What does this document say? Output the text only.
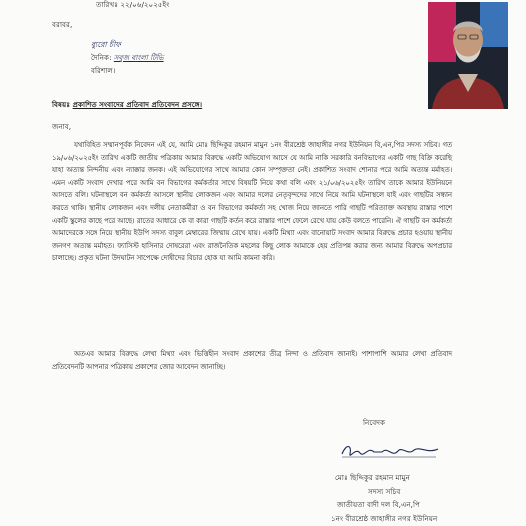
তারিখঃ ২২/০৬/২০২৫ইং
বরাবর,
ব্যুরো চীফ
দৈনিক: সবুজ বাংলা টিভি
বরিশাল।
বিষয়ঃ প্রকাশিত সংবাদের প্রতিবাদ প্রতিবেদন প্রসঙ্গে।
জনাব,
যথাবিহিত সম্মানপূর্বক নিবেদন এই যে, আমি মোঃ ছিদ্দিকুর রহমান মামুন ১নং বীরশ্রেষ্ঠ জাহাঙ্গীর নগর ইউনিয়ন বি,এন,পির সদস্য সচিব। গত ১৯/০৬/২০২৫ইং তারিখ একটি জাতীয় পত্রিকায় আমার বিরুদ্ধে একটি অভিযোগ আসে যে আমি নাকি সরকারি বনবিভাগের একটি গাছ বিক্রি করেছি যাহা অত্যন্ত নিন্দনীয় এবং ন্যাক্কার জনক। এই অভিযোগের সাথে আমার কোন সম্পৃক্ততা নেই। প্রকাশিত সংবাদ শোনার পরে আমি অত্যন্ত মর্মাহত। এমন একটি সংবাদ দেখার পরে আমি বন বিভাগের কর্মকর্তার সাথে বিষয়টি নিয়ে কথা বলি এবং ২১/০৬/২০২৫ইং তারিখ তাকে আমার ইউনিয়নে আসতে বলি। ঘটনাস্থলে বন কর্মকর্তা আসলে স্থানীয় লোকজন এবং আমার দলের নেতৃবৃন্দদের সাথে নিয়ে আমি ঘটনাস্থলে যাই এবং গাছটির সন্ধান করতে থাকি। স্থানীয় লোকজন এবং দলীয় নেতাকর্মীরা ও বন বিভাগের কর্মকর্তা সহ খোজ নিয়ে জানতে পারি গাছটি পরিত্যাক্ত অবস্থায় রাস্তার পাশে একটি স্কুলের কাছে পরে আছে। রাতের আধারে কে বা কারা গাছটি কর্তন করে রাস্তার পাশে ফেলে রেখে যায় কেউ বলতে পারেনি। ঐ গাছটি বন কর্মকর্তা আমাদেরকে সঙ্গে নিয়ে স্থানীয় ইউপি সদস্য বাবুল মেম্বারের জিম্মায় রেখে যায়। একটি মিথ্যা এবং বানোয়াট সংবাদ আমার বিরুদ্ধে প্রচার হওয়ায় স্থানীয় জনগণ অত্যন্ত মর্মাহত। ফ্যাসিস্ট হাসিনার দোষরেরা এবং রাজনৈতিক মহলের কিছু লোক আমাকে হেয় প্রতিপন্ন করার জন্য আমার বিরুদ্ধে অপপ্রচার চালাচ্ছে। প্রকৃত ঘটনা উদঘাটন সাপেক্ষে দোষীদের বিচার হোক যা আমি কামনা করি।
অতএব আমার বিরুদ্ধে লেখা মিথ্যা এবং ভিত্তিহীন সংবাদ প্রকাশের তীব্র নিন্দা ও প্রতিবাদ জানাই। পাশাপাশি আমার লেখা প্রতিবাদ প্রতিবেদনটি আপনার পত্রিকায় প্রকাশের জোর আবেদন জানাচ্ছি।
নিবেদক
মোঃ ছিদ্দিকুর রহমান মামুন
সদস্য সচিব
জাতীয়তা বাদী দল বি,এন,পি
১নং বীরশ্রেষ্ঠ জাহাঙ্গীর নগর ইউনিয়ন
